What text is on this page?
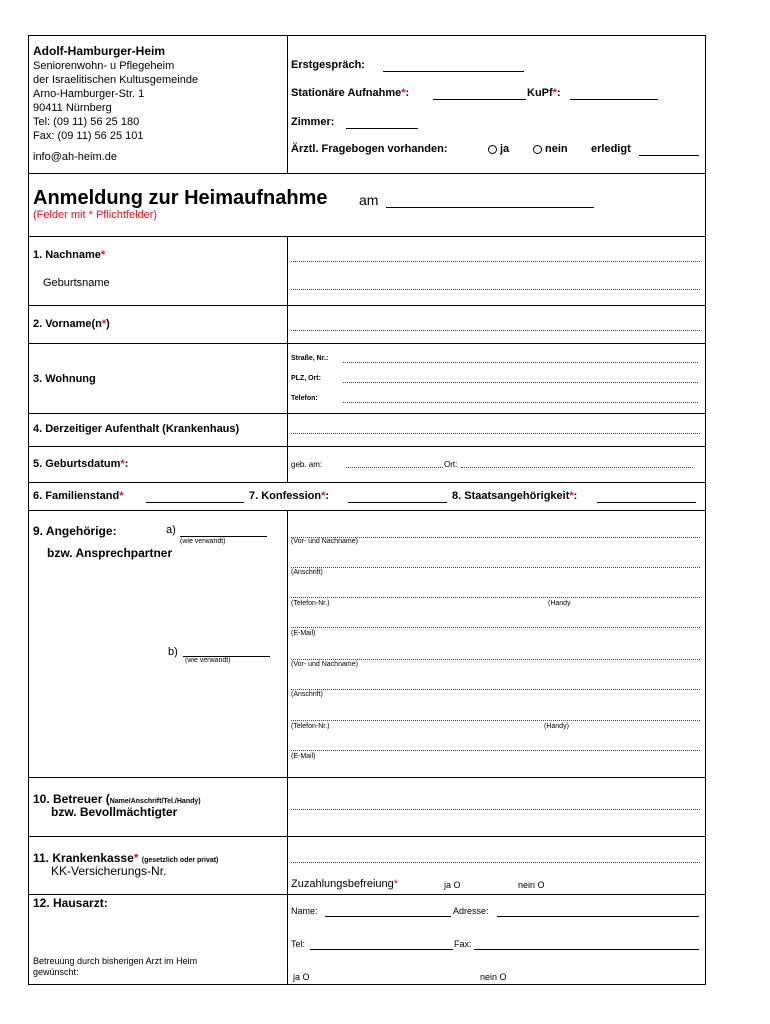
Adolf-Hamburger-Heim
Seniorenwohn- u Pflegeheim
der Israelitischen Kultusgemeinde
Arno-Hamburger-Str. 1
90411 Nürnberg
Tel: (09 11) 56 25 180
Fax: (09 11) 56 25 101
info@ah-heim.de
Erstgespräch:
Stationäre Aufnahme*:	KuPf*:
Zimmer:
Ärztl. Fragebogen vorhanden:	ja	nein erledigt
Anmeldung zur Heimaufnahme am
(Felder mit * Pflichtfelder)
1. Nachname*
Geburtsname
2. Vorname(n*)
3. Wohnung
Straße, Nr.:
PLZ, Ort:
Telefon:
4. Derzeitiger Aufenthalt (Krankenhaus)
5. Geburtsdatum*:	geb. am:	Ort:
6. Familienstand*	7. Konfession*:	8. Staatsangehörigkeit*:
9. Angehörige:
bzw. Ansprechpartner
a)
(wie verwandt)	(Vor- und Nachname)
(Anschrift)
(Telefon-Nr.)	(Handy
(E-Mail)
b)
(wie verwandt)
(Vor- und Nachname)
(Anschrift)
(Telefon-Nr.)	(Handy)
(E-Mail)
10. Betreuer (Name/Anschrift/Tel./Handy)
bzw. Bevollmächtigter
11. Krankenkasse* (gesetzlich oder privat)
KK-Versicherungs-Nr.
Zuzahlungsbefreiung*	ja O	nein O
12. Hausarzt:
Name:	Adresse:
Tel:	Fax:
Betreuung durch bisherigen Arzt im Heim
gewünscht:	ja O	nein O
